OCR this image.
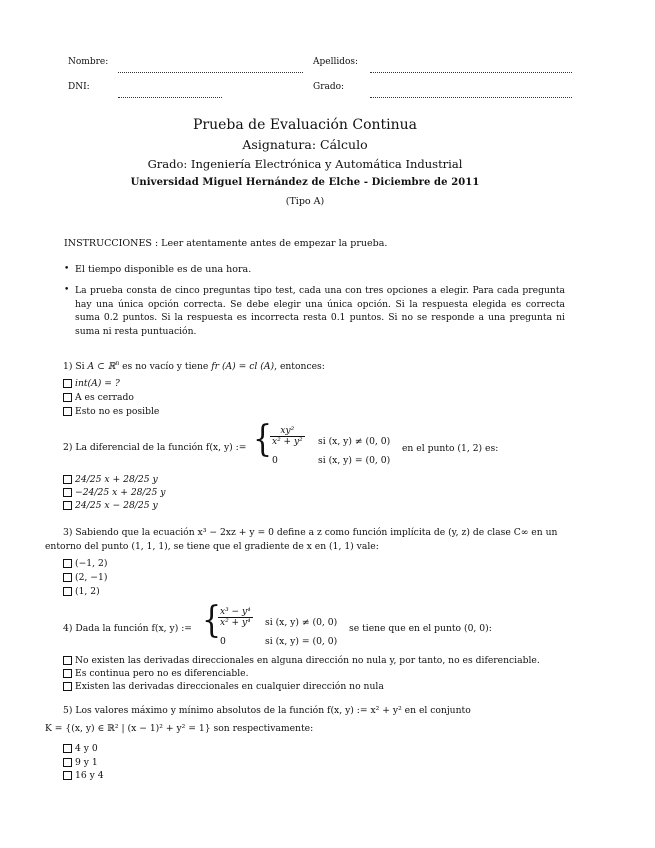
Nombre:	Apellidos:
DNI:	Grado:
Prueba de Evaluación Continua
Asignatura: Cálculo
Grado: Ingeniería Electrónica y Automática Industrial
Universidad Miguel Hernández de Elche - Diciembre de 2011
(Tipo A)
INSTRUCCIONES : Leer atentamente antes de empezar la prueba.
• El tiempo disponible es de una hora.
• La prueba consta de cinco preguntas tipo test, cada una con tres opciones a elegir. Para cada pregunta hay una única opción correcta. Se debe elegir una única opción. Si la respuesta elegida es correcta suma 0.2 puntos. Si la respuesta es incorrecta resta 0.1 puntos. Si no se responde a una pregunta ni suma ni resta puntuación.
1) Si A ⊂ ℝ$^n$ es no vacío y tiene fr (A) = cl (A), entonces:
int(A) = ?
A es cerrado
Esto no es posible
2) La diferencial de la función f(x, y) := {
$\frac{\text{xy²}}{\text{x² + y²}}$ si (x, y) ≠ (0, 0)
0	si (x, y) = (0, 0)
en el punto (1, 2) es:
24/25 x + 28/25 y
−24/25 x + 28/25 y
24/25 x − 28/25 y
3) Sabiendo que la ecuación x³ − 2xz + y = 0 define a z como función implícita de (y, z) de clase C∞ en un
entorno del punto (1, 1, 1), se tiene que el gradiente de x en (1, 1) vale:
(−1, 2)
(2, −1)
(1, 2)
4) Dada la función f(x, y) := {
$\frac{\text{x³ − y⁴}}{\text{x² + y⁴}}$ si (x, y) ≠ (0, 0)
0	si (x, y) = (0, 0)
se tiene que en el punto (0, 0):
No existen las derivadas direccionales en alguna dirección no nula y, por tanto, no es diferenciable.
Es continua pero no es diferenciable.
Existen las derivadas direccionales en cualquier dirección no nula
5) Los valores máximo y mínimo absolutos de la función f(x, y) := x² + y² en el conjunto
K = {(x, y) ∈ ℝ² | (x − 1)² + y² = 1} son respectivamente:
4 y 0
9 y 1
16 y 4
